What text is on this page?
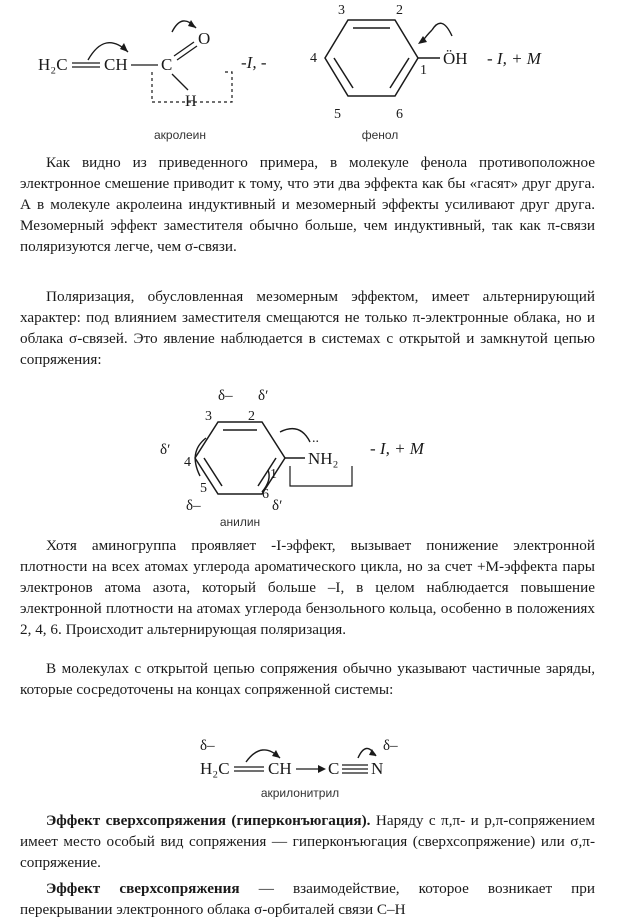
H₂C CH C
O
H
-I, -	ÖH
3	2
4
1
5	6
- I, + M
акролеин	фенол

Как видно из приведенного примера, в молекуле фенола противоположное электронное смешение приводит к тому, что эти два эффекта как бы «гасят» друг друга. А в молекуле акролеина индуктивный и мезомерный эффекты усиливают друг друга. Мезомерный эффект заместителя обычно больше, чем индуктивный, так как π-связи поляризуются легче, чем σ-связи.

Поляризация, обусловленная мезомерным эффектом, имеет альтернирующий характер: под влиянием заместителя смещаются не только π-электронные облака, но и облака σ-связей. Это явление наблюдается в системах с открытой и замкнутой цепью сопряжения:

NH₂
..
- I, + M
δ– δ′
δ′
δ′
δ–
3	2
4
1
5	6
анилин

Хотя аминогруппа проявляет -I-эффект, вызывает понижение электронной плотности на всех атомах углерода ароматического цикла, но за счет +M-эффекта пары электронов атома азота, который больше –I, в целом наблюдается повышение электронной плотности на атомах углерода бензольного кольца, особенно в положениях 2, 4, 6. Происходит альтернирующая поляризация.

В молекулах с открытой цепью сопряжения обычно указывают частичные заряды, которые сосредоточены на концах сопряженной системы:

δ–
H₂C CH C N
δ–
акрилонитрил

Эффект сверхсопряжения (гиперконъюгация). Наряду с π,π- и p,π-сопряжением имеет место особый вид сопряжения — гиперконъюгация (сверхсопряжение) или σ,π-сопряжение.

Эффект сверхсопряжения — взаимодействие, которое возникает при перекрывании электронного облака σ-орбиталей связи С–Н
